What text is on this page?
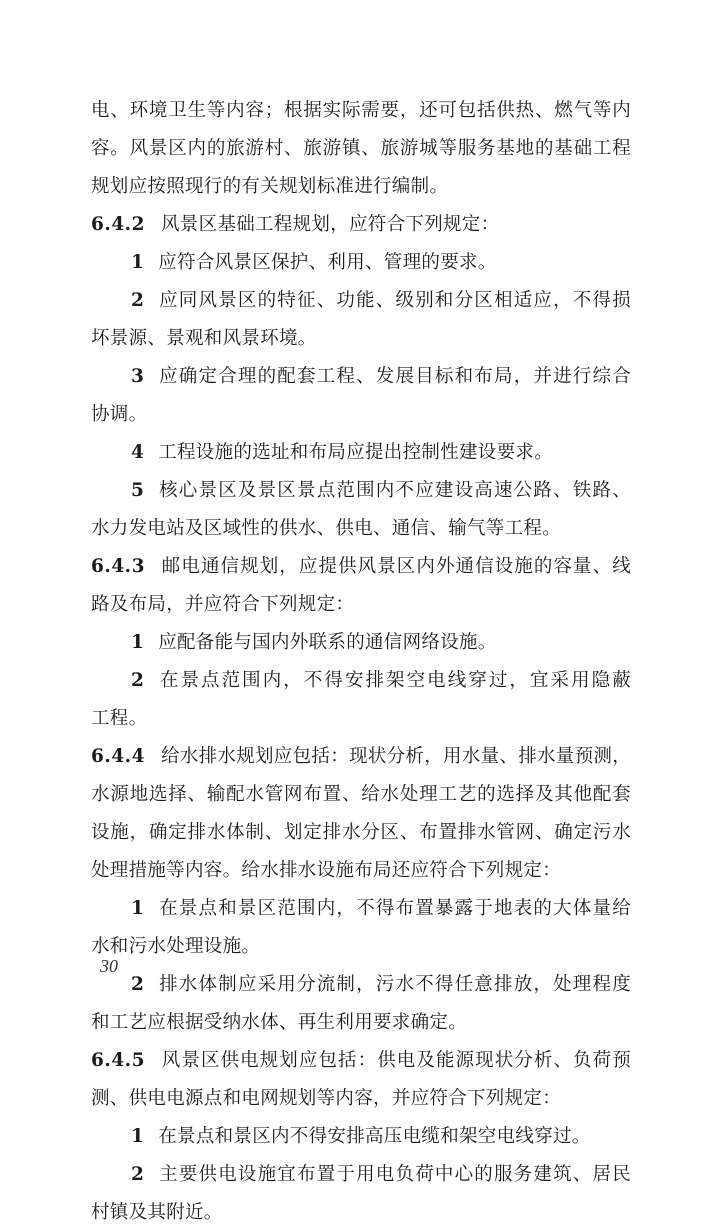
电、环境卫生等内容；根据实际需要，还可包括供热、燃气等内
容。风景区内的旅游村、旅游镇、旅游城等服务基地的基础工程
规划应按照现行的有关规划标准进行编制。
6.4.2 风景区基础工程规划，应符合下列规定：
1 应符合风景区保护、利用、管理的要求。
2 应同风景区的特征、功能、级别和分区相适应，不得损
坏景源、景观和风景环境。
3 应确定合理的配套工程、发展目标和布局，并进行综合
协调。
4 工程设施的选址和布局应提出控制性建设要求。
5 核心景区及景区景点范围内不应建设高速公路、铁路、
水力发电站及区域性的供水、供电、通信、输气等工程。
6.4.3 邮电通信规划，应提供风景区内外通信设施的容量、线
路及布局，并应符合下列规定：
1 应配备能与国内外联系的通信网络设施。
2 在景点范围内，不得安排架空电线穿过，宜采用隐蔽
工程。
6.4.4 给水排水规划应包括：现状分析，用水量、排水量预测，
水源地选择、输配水管网布置、给水处理工艺的选择及其他配套
设施，确定排水体制、划定排水分区、布置排水管网、确定污水
处理措施等内容。给水排水设施布局还应符合下列规定：
1 在景点和景区范围内，不得布置暴露于地表的大体量给
水和污水处理设施。
2 排水体制应采用分流制，污水不得任意排放，处理程度
和工艺应根据受纳水体、再生利用要求确定。
6.4.5 风景区供电规划应包括：供电及能源现状分析、负荷预
测、供电电源点和电网规划等内容，并应符合下列规定：
1 在景点和景区内不得安排高压电缆和架空电线穿过。
2 主要供电设施宜布置于用电负荷中心的服务建筑、居民
村镇及其附近。
30
